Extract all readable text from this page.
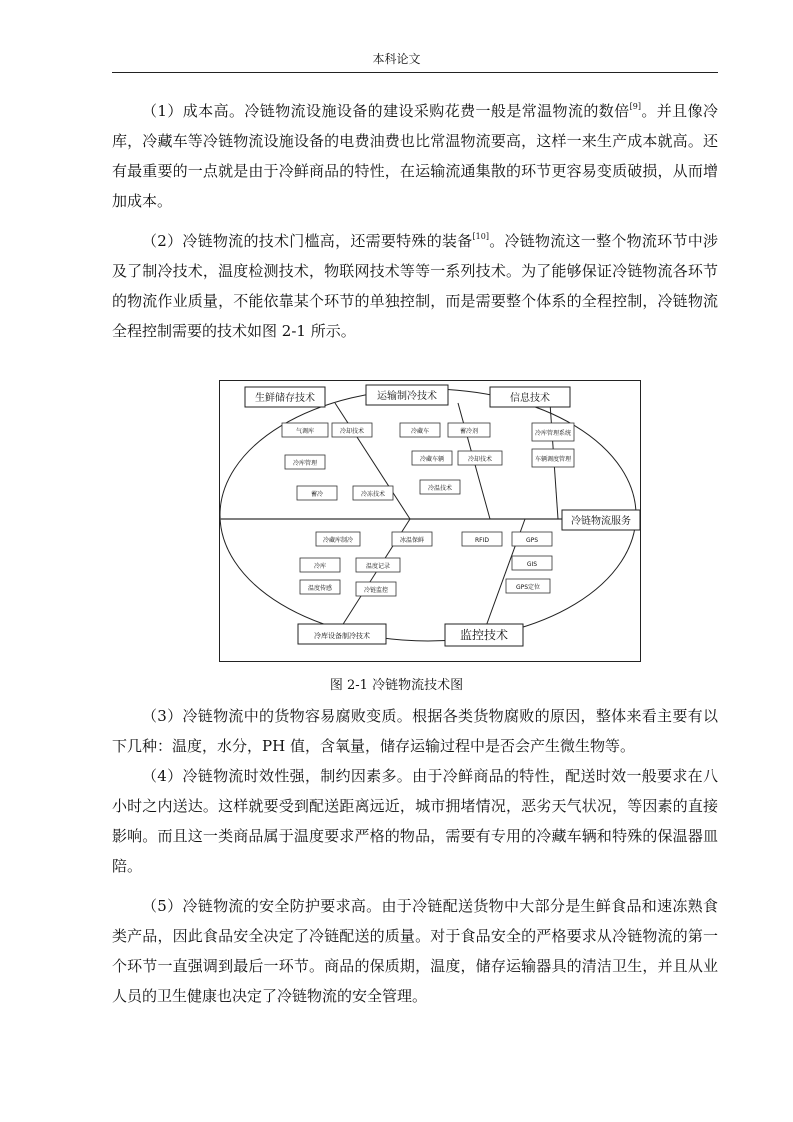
本科论文

（1）成本高。冷链物流设施设备的建设采购花费一般是常温物流的数倍[9]。并且像冷库，冷藏车等冷链物流设施设备的电费油费也比常温物流要高，这样一来生产成本就高。还有最重要的一点就是由于冷鲜商品的特性，在运输流通集散的环节更容易变质破损，从而增加成本。

（2）冷链物流的技术门槛高，还需要特殊的装备[10]。冷链物流这一整个物流环节中涉及了制冷技术，温度检测技术，物联网技术等等一系列技术。为了能够保证冷链物流各环节的物流作业质量，不能依靠某个环节的单独控制，而是需要整个体系的全程控制，冷链物流全程控制需要的技术如图 2-1 所示。

生鲜储存技术	运输制冷技术	信息技术
冷链物流服务
冷库设备制冷技术	监控技术
气调库	冷却技术	冷藏车	蓄冷剂
冷库管理
冷藏车辆	冷却技术
蓄冷	冷冻技术
冷温技术
冷库管理系统
车辆调度管理
冷藏库制冷	冰温保鲜
冷库	温度记录
温度传感	冷链监控
RFID	GPS
GIS
GPS定位
图 2-1 冷链物流技术图

（3）冷链物流中的货物容易腐败变质。根据各类货物腐败的原因，整体来看主要有以下几种：温度，水分，PH 值，含氧量，储存运输过程中是否会产生微生物等。

（4）冷链物流时效性强，制约因素多。由于冷鲜商品的特性，配送时效一般要求在八小时之内送达。这样就要受到配送距离远近，城市拥堵情况，恶劣天气状况，等因素的直接影响。而且这一类商品属于温度要求严格的物品，需要有专用的冷藏车辆和特殊的保温器皿陪。

（5）冷链物流的安全防护要求高。由于冷链配送货物中大部分是生鲜食品和速冻熟食类产品，因此食品安全决定了冷链配送的质量。对于食品安全的严格要求从冷链物流的第一个环节一直强调到最后一环节。商品的保质期，温度，储存运输器具的清洁卫生，并且从业人员的卫生健康也决定了冷链物流的安全管理。
